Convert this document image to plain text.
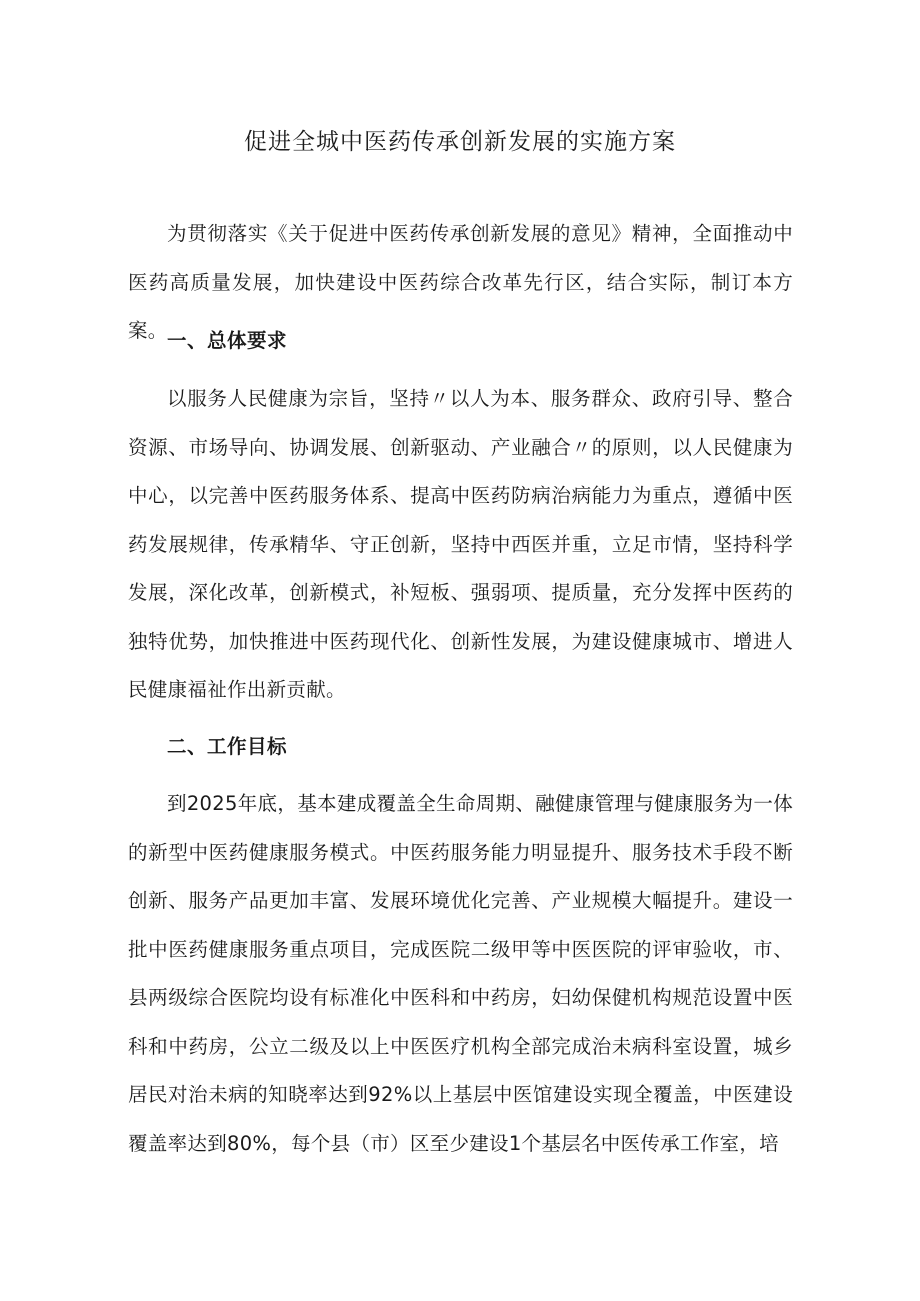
促进全城中医药传承创新发展的实施方案

为贯彻落实《关于促进中医药传承创新发展的意见》精神，全面推动中医药高质量发展，加快建设中医药综合改革先行区，结合实际，制订本方案。 一、总体要求

以服务人民健康为宗旨，坚持〃以人为本、服务群众、政府引导、整合资源、市场导向、协调发展、创新驱动、产业融合〃的原则，以人民健康为中心，以完善中医药服务体系、提高中医药防病治病能力为重点，遵循中医药发展规律，传承精华、守正创新，坚持中西医并重，立足市情，坚持科学发展，深化改革，创新模式，补短板、强弱项、提质量，充分发挥中医药的独特优势，加快推进中医药现代化、创新性发展，为建设健康城市、增进人民健康福祉作出新贡献。

二、工作目标

到2025年底，基本建成覆盖全生命周期、融健康管理与健康服务为一体的新型中医药健康服务模式。中医药服务能力明显提升、服务技术手段不断创新、服务产品更加丰富、发展环境优化完善、产业规模大幅提升。建设一批中医药健康服务重点项目，完成医院二级甲等中医医院的评审验收，市、县两级综合医院均设有标准化中医科和中药房，妇幼保健机构规范设置中医科和中药房，公立二级及以上中医医疗机构全部完成治未病科室设置，城乡居民对治未病的知晓率达到92%以上基层中医馆建设实现全覆盖，中医建设覆盖率达到80%，每个县（市）区至少建设1个基层名中医传承工作室，培
